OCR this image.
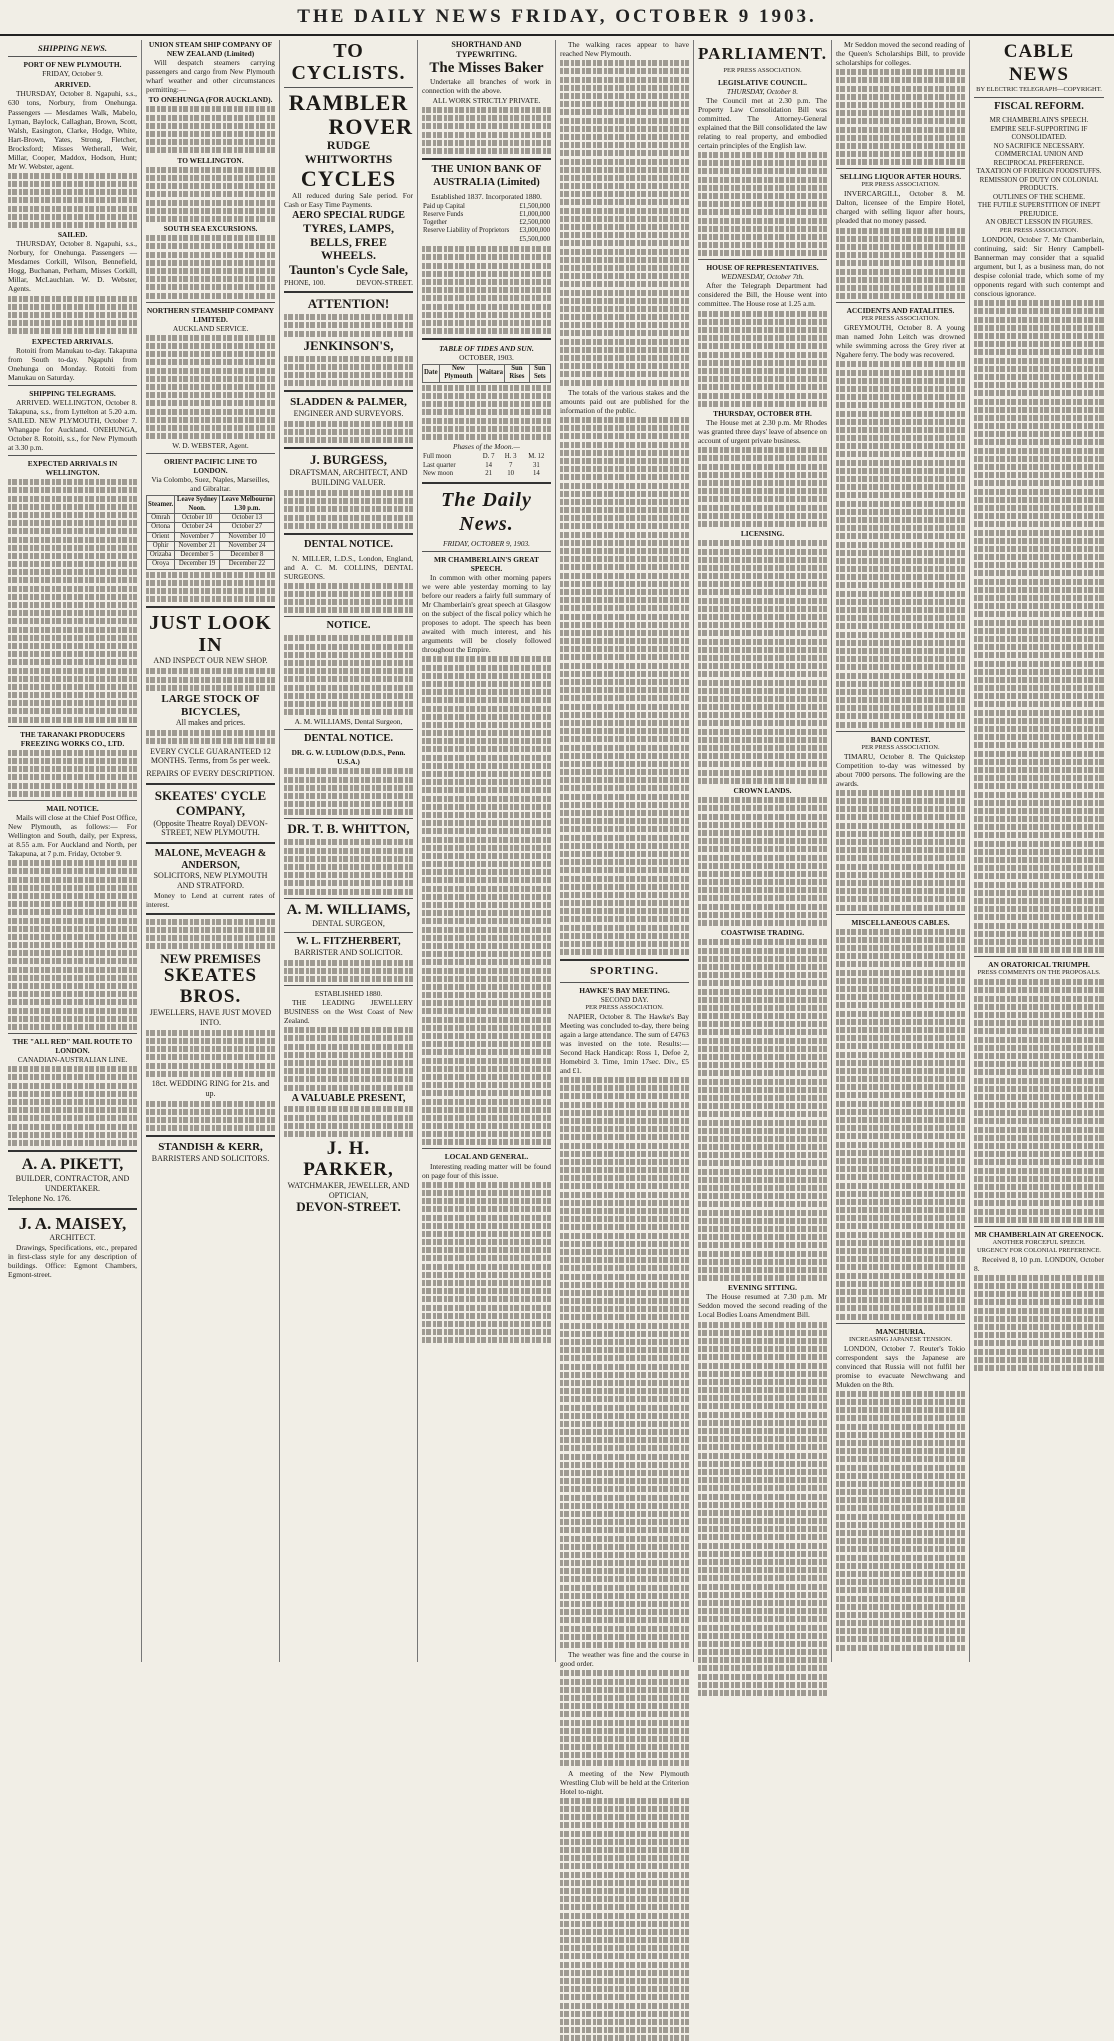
THE DAILY NEWS FRIDAY, OCTOBER 9 1903.
SHIPPING NEWS.
PORT OF NEW PLYMOUTH.
FRIDAY, October 9.
ARRIVED.
THURSDAY, October 8. Ngapuhi, s.s., 630 tons, Norbury, from Onehunga. Passengers — Mesdames Walk, Mabelo, Lyman, Baylock, Callaghan, Brown, Scott, Walsh, Easington, Clarke, Hodge, White, Hart-Brown, Yates, Strong, Fletcher, Brocksford; Misses Wetherall, Weir, Millar, Cooper, Maddox, Hodson, Hunt; Mr W. Webster, agent.
SAILED.
THURSDAY, October 8. Ngapuhi, s.s., Norbury, for Onehunga. Passengers — Mesdames Corkill, Wilson, Bennefield, Hogg, Buchanan, Perham, Misses Corkill, Millar, McLauchlan. W. D. Webster, Agents.
EXPECTED ARRIVALS.
Rotoiti from Manukau to-day. Takapuna from South to-day. Ngapuhi from Onehunga on Monday. Rotoiti from Manukau on Saturday.
SHIPPING TELEGRAMS.
ARRIVED. WELLINGTON, October 8. Takapuna, s.s., from Lyttelton at 5.20 a.m. SAILED. NEW PLYMOUTH, October 7. Whangape for Auckland. ONEHUNGA, October 8. Rotoiti, s.s., for New Plymouth at 3.30 p.m.
EXPECTED ARRIVALS IN WELLINGTON.
THE TARANAKI PRODUCERS FREEZING WORKS CO., LTD.
MAIL NOTICE.
Mails will close at the Chief Post Office, New Plymouth, as follows:— For Wellington and South, daily, per Express, at 8.55 a.m. For Auckland and North, per Takapuna, at 7 p.m. Friday, October 9.
THE "ALL RED" MAIL ROUTE TO LONDON.
CANADIAN-AUSTRALIAN LINE.
A. A. PIKETT,
BUILDER, CONTRACTOR, AND UNDERTAKER.
Telephone No. 176.
J. A. MAISEY,
ARCHITECT.
Drawings, Specifications, etc., prepared in first-class style for any description of buildings. Office: Egmont Chambers, Egmont-street.
UNION STEAM SHIP COMPANY OF NEW ZEALAND (Limited)
Will despatch steamers carrying passengers and cargo from New Plymouth wharf weather and other circumstances permitting:—
TO ONEHUNGA (FOR AUCKLAND).
TO WELLINGTON.
SOUTH SEA EXCURSIONS.
NORTHERN STEAMSHIP COMPANY LIMITED.
AUCKLAND SERVICE.
W. D. WEBSTER, Agent.
ORIENT PACIFIC LINE TO LONDON.
Via Colombo, Suez, Naples, Marseilles, and Gibraltar.
Steamer.	Leave Sydney Noon.	Leave Melbourne 1.30 p.m.
Omrah	October 10	October 13
Ortona	October 24	October 27
Orient	November 7	November 10
Ophir	November 21	November 24
Orizaba	December 5	December 8
Oroya	December 19	December 22
JUST LOOK IN
AND INSPECT OUR NEW SHOP.
LARGE STOCK OF BICYCLES,
All makes and prices.
EVERY CYCLE GUARANTEED 12 MONTHS. Terms, from 5s per week.
REPAIRS OF EVERY DESCRIPTION.
SKEATES' CYCLE COMPANY,
(Opposite Theatre Royal) DEVON-STREET, NEW PLYMOUTH.
MALONE, McVEAGH & ANDERSON,
SOLICITORS, NEW PLYMOUTH AND STRATFORD.
Money to Lend at current rates of interest.
NEW PREMISES
SKEATES BROS.
JEWELLERS, HAVE JUST MOVED INTO.
18ct. WEDDING RING for 21s. and up.
STANDISH & KERR,
BARRISTERS AND SOLICITORS.
TO CYCLISTS.
RAMBLER
ROVER
RUDGE WHITWORTHS
CYCLES
All reduced during Sale period. For Cash or Easy Time Payments.
AERO SPECIAL RUDGE
TYRES, LAMPS, BELLS, FREE WHEELS.
Taunton's Cycle Sale,
PHONE, 100.	DEVON-STREET.
ATTENTION!
JENKINSON'S,
SLADDEN & PALMER,
ENGINEER AND SURVEYORS.
J. BURGESS,
DRAFTSMAN, ARCHITECT, AND BUILDING VALUER.
DENTAL NOTICE.
N. MILLER, L.D.S., London, England, and A. C. M. COLLINS, DENTAL SURGEONS.
NOTICE.
A. M. WILLIAMS, Dental Surgeon,
DENTAL NOTICE.
DR. G. W. LUDLOW (D.D.S., Penn. U.S.A.)
DR. T. B. WHITTON,
A. M. WILLIAMS,
DENTAL SURGEON,
W. L. FITZHERBERT,
BARRISTER AND SOLICITOR.
ESTABLISHED 1880.
THE LEADING JEWELLERY BUSINESS on the West Coast of New Zealand.
A VALUABLE PRESENT,
J. H. PARKER,
WATCHMAKER, JEWELLER, AND OPTICIAN,
DEVON-STREET.
SHORTHAND AND TYPEWRITING.
The Misses Baker
Undertake all branches of work in connection with the above.
ALL WORK STRICTLY PRIVATE.
THE UNION BANK OF AUSTRALIA (Limited)
Established 1837. Incorporated 1880.
Paid up Capital	£1,500,000
Reserve Funds	£1,000,000
Together	£2,500,000
Reserve Liability of Proprietors	£3,000,000
	£5,500,000
TABLE OF TIDES AND SUN.
OCTOBER, 1903.
Date	New Plymouth	Waitara	Sun Rises	Sun Sets
Phases of the Moon.—
Full moon	D. 7	H. 3	M. 12
Last quarter	14	7	31
New moon	21	10	14
The Daily News.
FRIDAY, OCTOBER 9, 1903.
MR CHAMBERLAIN'S GREAT SPEECH.
In common with other morning papers we were able yesterday morning to lay before our readers a fairly full summary of Mr Chamberlain's great speech at Glasgow on the subject of the fiscal policy which he proposes to adopt. The speech has been awaited with much interest, and his arguments will be closely followed throughout the Empire.
LOCAL AND GENERAL.
Interesting reading matter will be found on page four of this issue.
The walking races appear to have reached New Plymouth.
The totals of the various stakes and the amounts paid out are published for the information of the public.
SPORTING.
HAWKE'S BAY MEETING.
SECOND DAY.
PER PRESS ASSOCIATION.
NAPIER, October 8. The Hawke's Bay Meeting was concluded to-day, there being again a large attendance. The sum of £4763 was invested on the tote. Results:— Second Hack Handicap: Ross 1, Defoe 2, Homebird 3. Time, 1min 17sec. Div., £5 and £1.
The weather was fine and the course in good order.
A meeting of the New Plymouth Wrestling Club will be held at the Criterion Hotel to-night.
PARLIAMENT.
PER PRESS ASSOCIATION.
LEGISLATIVE COUNCIL.
THURSDAY, October 8.
The Council met at 2.30 p.m. The Property Law Consolidation Bill was committed. The Attorney-General explained that the Bill consolidated the law relating to real property, and embodied certain principles of the English law.
HOUSE OF REPRESENTATIVES.
WEDNESDAY, October 7th.
After the Telegraph Department had considered the Bill, the House went into committee. The House rose at 1.25 a.m.
THURSDAY, OCTOBER 8TH.
The House met at 2.30 p.m. Mr Rhodes was granted three days' leave of absence on account of urgent private business.
LICENSING.
CROWN LANDS.
COASTWISE TRADING.
EVENING SITTING.
The House resumed at 7.30 p.m. Mr Seddon moved the second reading of the Local Bodies Loans Amendment Bill.
Mr Seddon moved the second reading of the Queen's Scholarships Bill, to provide scholarships for colleges.
SELLING LIQUOR AFTER HOURS.
PER PRESS ASSOCIATION.
INVERCARGILL, October 8. M. Dalton, licensee of the Empire Hotel, charged with selling liquor after hours, pleaded that no money passed.
ACCIDENTS AND FATALITIES.
PER PRESS ASSOCIATION.
GREYMOUTH, October 8. A young man named John Leitch was drowned while swimming across the Grey river at Ngahere ferry. The body was recovered.
BAND CONTEST.
PER PRESS ASSOCIATION.
TIMARU, October 8. The Quickstep Competition to-day was witnessed by about 7000 persons. The following are the awards.
MISCELLANEOUS CABLES.
MANCHURIA.
INCREASING JAPANESE TENSION.
LONDON, October 7. Reuter's Tokio correspondent says the Japanese are convinced that Russia will not fulfil her promise to evacuate Newchwang and Mukden on the 8th.
CABLE NEWS
BY ELECTRIC TELEGRAPH—COPYRIGHT.
FISCAL REFORM.
MR CHAMBERLAIN'S SPEECH.
EMPIRE SELF-SUPPORTING IF CONSOLIDATED.
NO SACRIFICE NECESSARY.
COMMERCIAL UNION AND RECIPROCAL PREFERENCE.
TAXATION OF FOREIGN FOODSTUFFS.
REMISSION OF DUTY ON COLONIAL PRODUCTS.
OUTLINES OF THE SCHEME.
THE FUTILE SUPERSTITION OF INEPT PREJUDICE.
AN OBJECT LESSON IN FIGURES.
PER PRESS ASSOCIATION.
LONDON, October 7. Mr Chamberlain, continuing, said: Sir Henry Campbell-Bannerman may consider that a squalid argument, but I, as a business man, do not despise colonial trade, which some of my opponents regard with such contempt and conscious ignorance.
AN ORATORICAL TRIUMPH.
PRESS COMMENTS ON THE PROPOSALS.
MR CHAMBERLAIN AT GREENOCK.
ANOTHER FORCEFUL SPEECH.
URGENCY FOR COLONIAL PREFERENCE.
Received 8, 10 p.m. LONDON, October 8.
